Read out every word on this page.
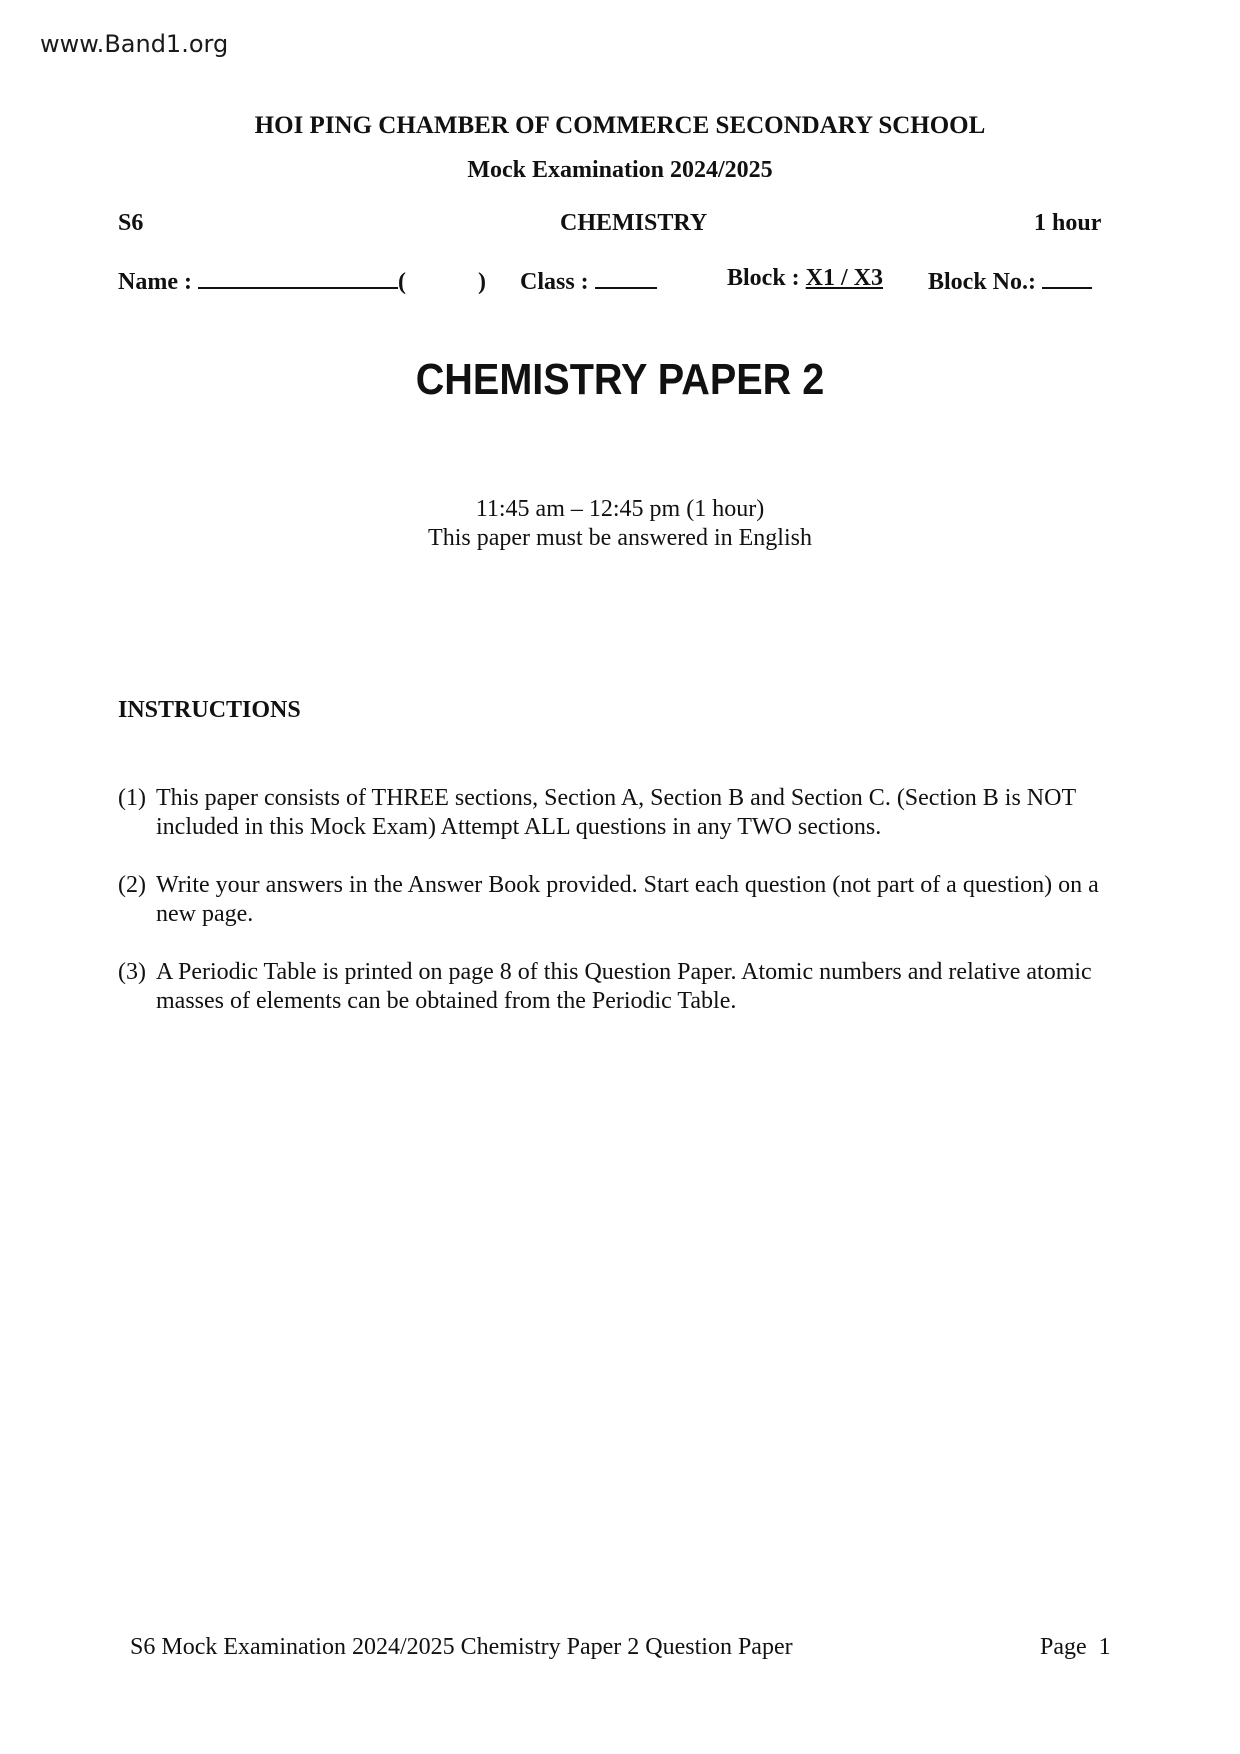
www.Band1.org
HOI PING CHAMBER OF COMMERCE SECONDARY SCHOOL
Mock Examination 2024/2025
S6	CHEMISTRY	1 hour
Name :	(	) Class :	Block : X1 / X3 Block No.:
CHEMISTRY PAPER 2
11:45 am – 12:45 pm (1 hour)
This paper must be answered in English
INSTRUCTIONS
(1) This paper consists of THREE sections, Section A, Section B and Section C. (Section B is NOT included in this Mock Exam) Attempt ALL questions in any TWO sections.
(2) Write your answers in the Answer Book provided. Start each question (not part of a question) on a new page.
(3) A Periodic Table is printed on page 8 of this Question Paper. Atomic numbers and relative atomic masses of elements can be obtained from the Periodic Table.
S6 Mock Examination 2024/2025 Chemistry Paper 2 Question Paper	Page 1
